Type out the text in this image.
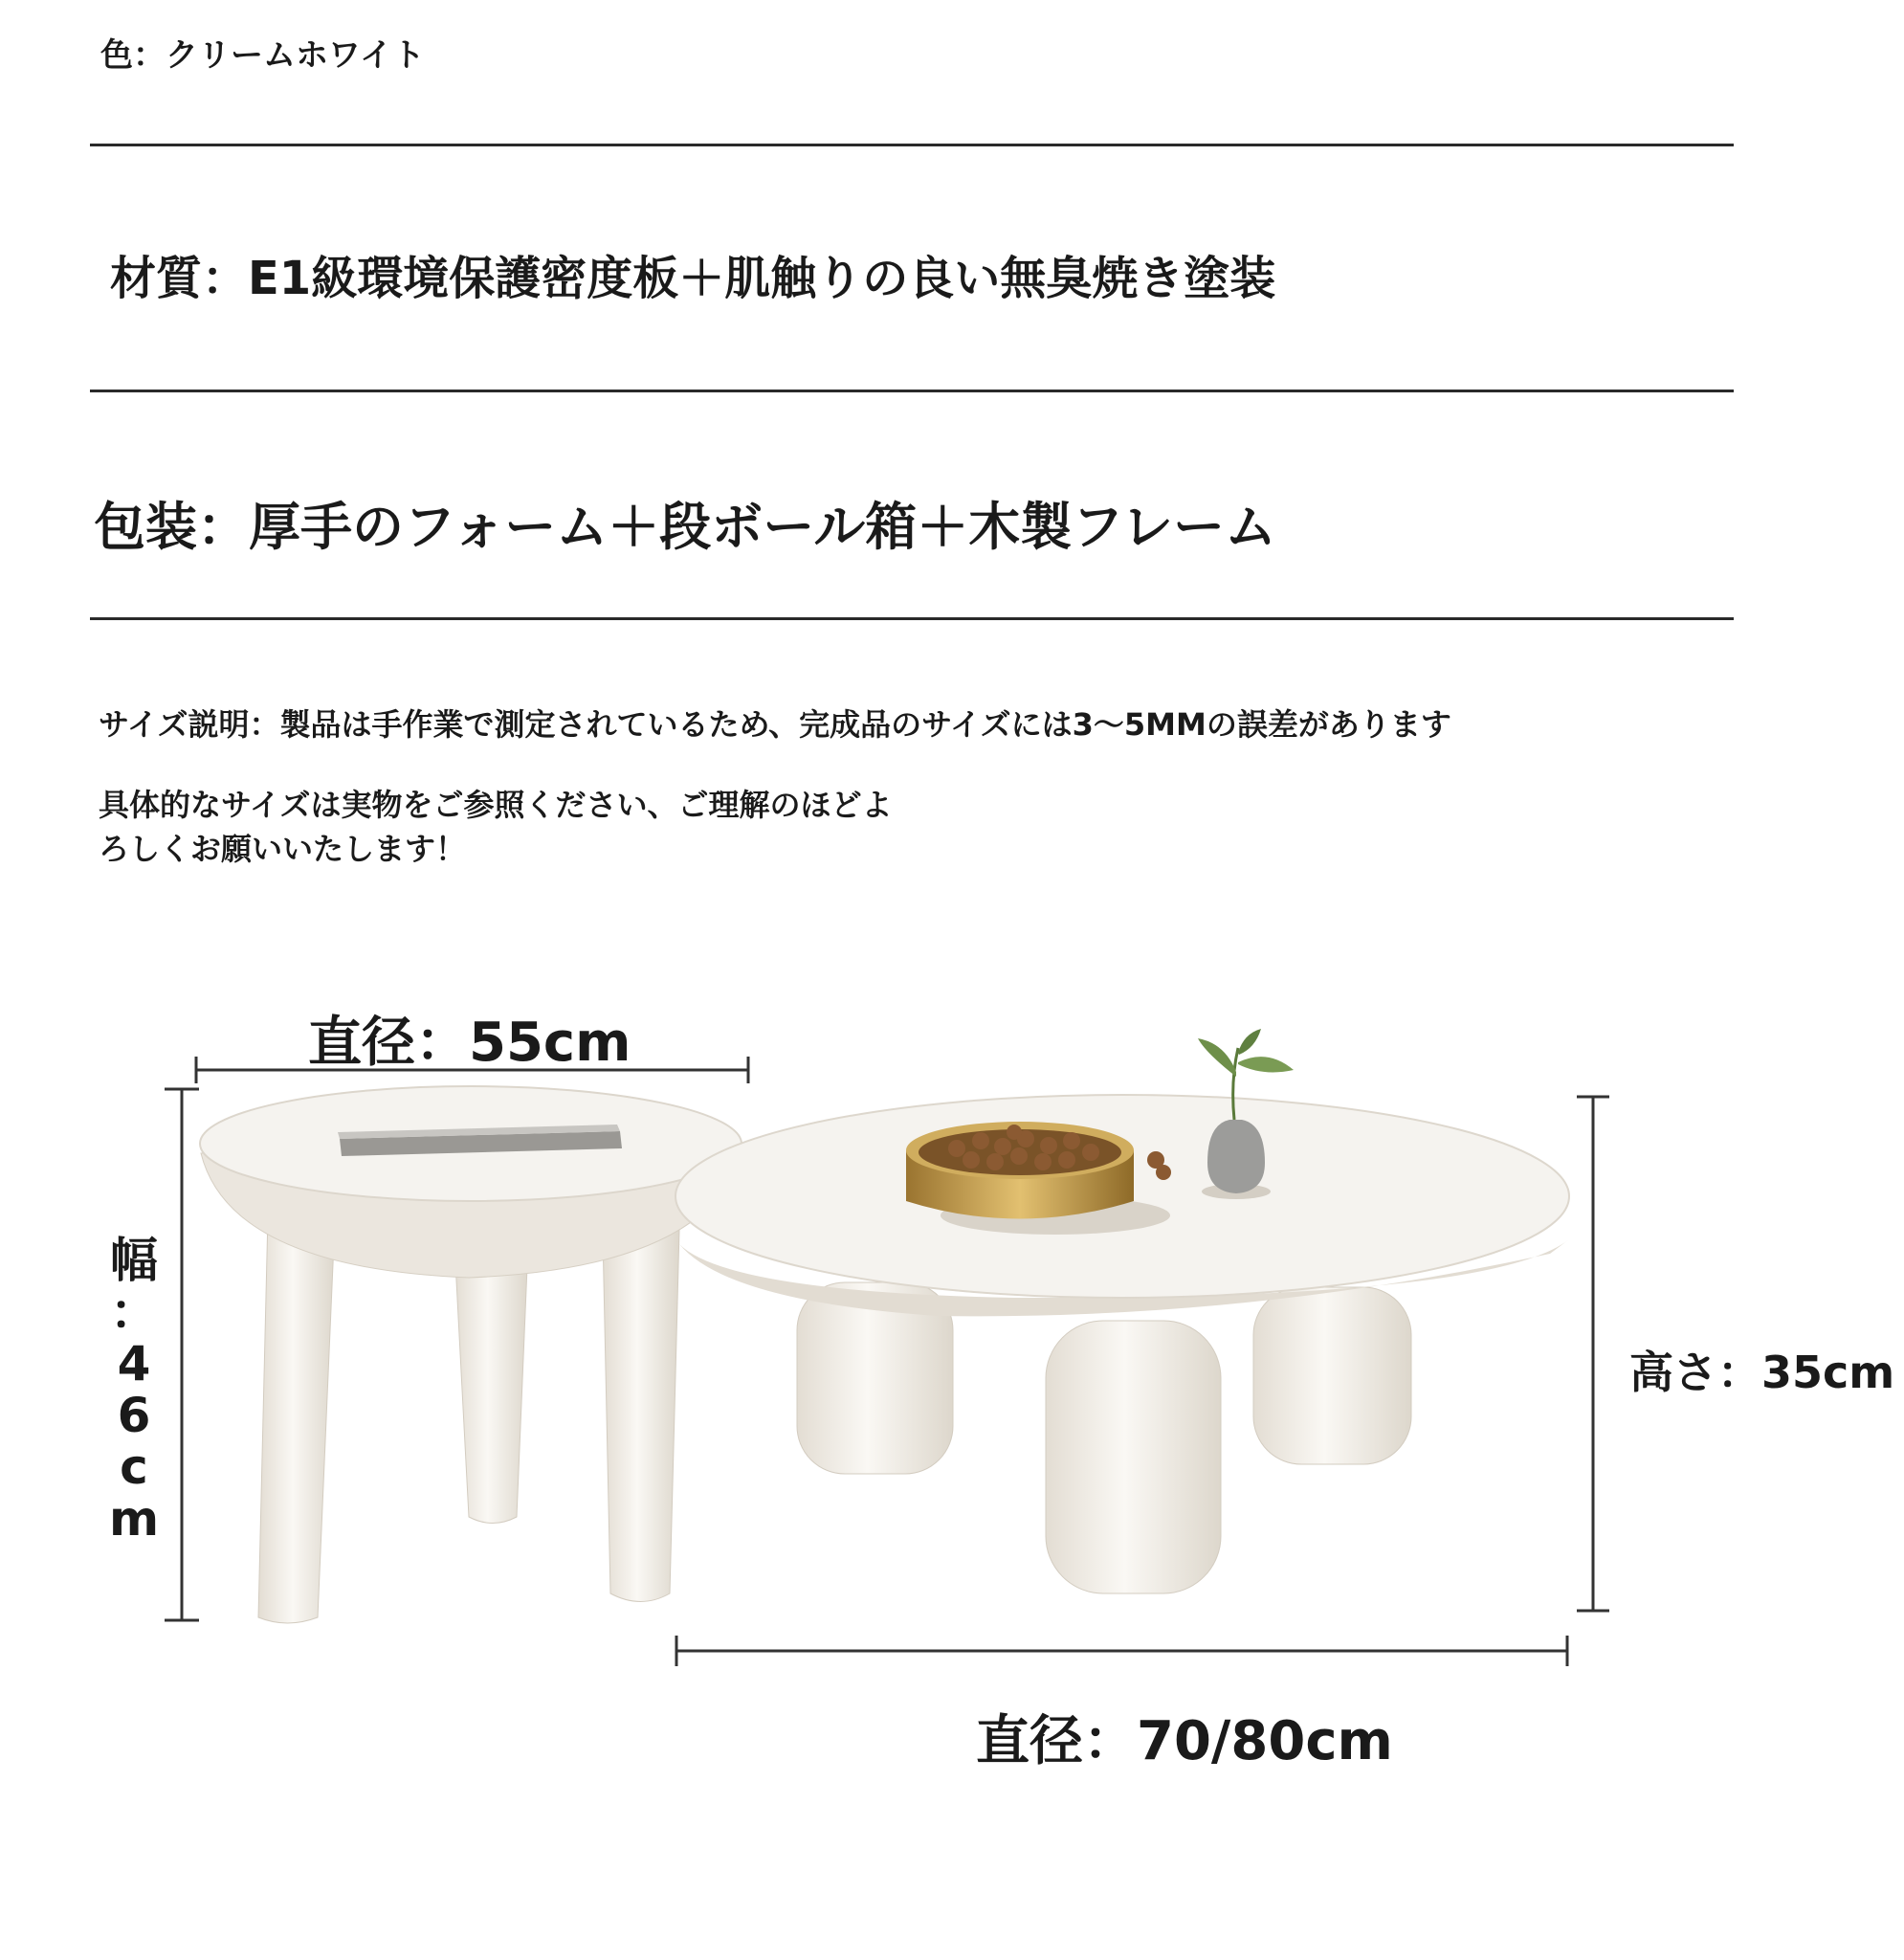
色：クリームホワイト
材質：E1級環境保護密度板＋肌触りの良い無臭焼き塗装
包装：厚手のフォーム＋段ボール箱＋木製フレーム
サイズ説明：製品は手作業で測定されているため、完成品のサイズには3〜5MMの誤差があります
具体的なサイズは実物をご参照ください、ご理解のほどよ
ろしくお願いいたします！
直径：55cm
幅
：
4
6
c
m
高さ：35cm
直径：70/80cm
